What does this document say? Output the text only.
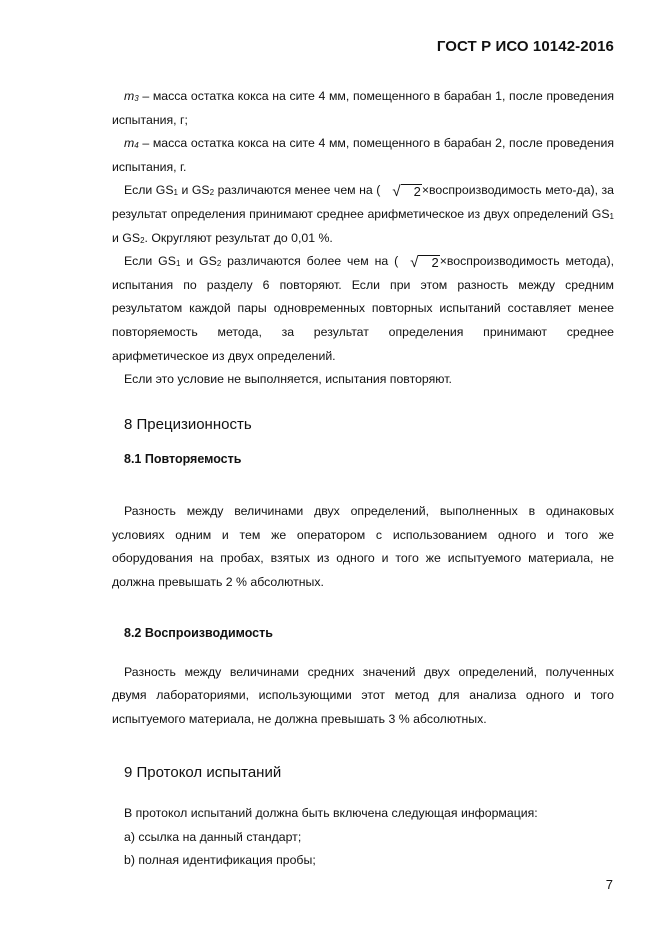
ГОСТ Р ИСО 10142-2016

$m_3$ – масса остатка кокса на сите 4 мм, помещенного в барабан 1, после проведения испытания, г;

$m_4$ – масса остатка кокса на сите 4 мм, помещенного в барабан 2, после проведения испытания, г.

Если $GS_1$ и $GS_2$ различаются менее чем на ( √ 2×воспроизводимость мето-да), за результат определения принимают среднее арифметическое из двух определений $GS_1$ и $GS_2$. Округляют результат до 0,01 %.

Если $GS_1$ и $GS_2$ различаются более чем на ( √ 2×воспроизводимость метода), испытания по разделу 6 повторяют. Если при этом разность между средним результатом каждой пары одновременных повторных испытаний составляет менее повторяемость метода, за результат определения принимают среднее арифметическое из двух определений.

Если это условие не выполняется, испытания повторяют.

8 Прецизионность

8.1 Повторяемость

Разность между величинами двух определений, выполненных в одинаковых условиях одним и тем же оператором с использованием одного и того же оборудования на пробах, взятых из одного и того же испытуемого материала, не должна превышать 2 % абсолютных.

8.2 Воспроизводимость

Разность между величинами средних значений двух определений, полученных двумя лабораториями, использующими этот метод для анализа одного и того испытуемого материала, не должна превышать 3 % абсолютных.

9 Протокол испытаний

В протокол испытаний должна быть включена следующая информация:

a) ссылка на данный стандарт;

b) полная идентификация пробы;

7
